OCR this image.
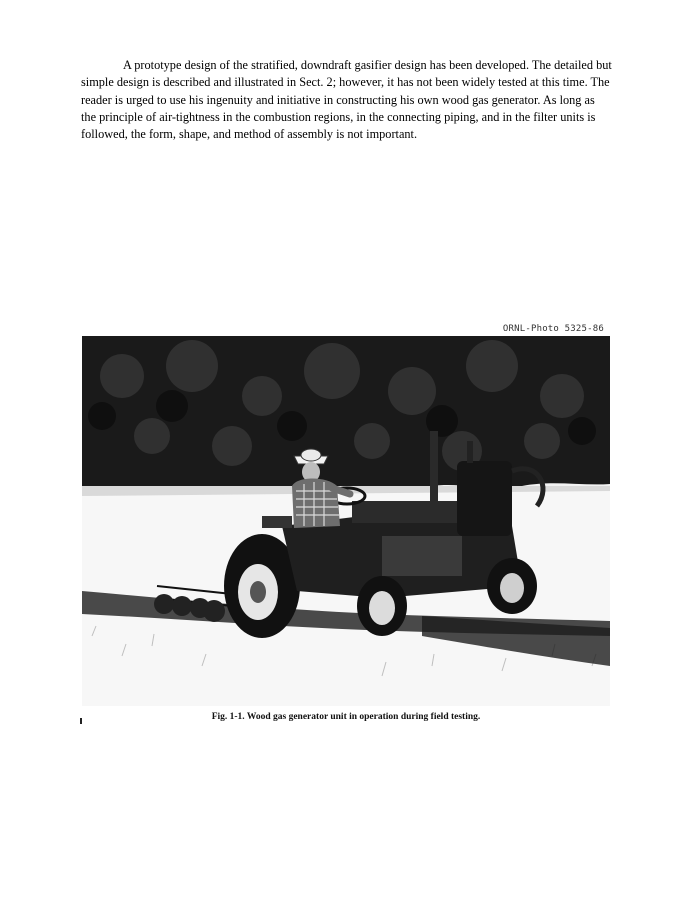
A prototype design of the stratified, downdraft gasifier design has been developed. The detailed but simple design is described and illustrated in Sect. 2; however, it has not been widely tested at this time. The reader is urged to use his ingenuity and initiative in constructing his own wood gas generator. As long as the principle of air-tightness in the combustion regions, in the connecting piping, and in the filter units is followed, the form, shape, and method of assembly is not important.

ORNL-Photo 5325-86
Fig. 1-1. Wood gas generator unit in operation during field testing.
